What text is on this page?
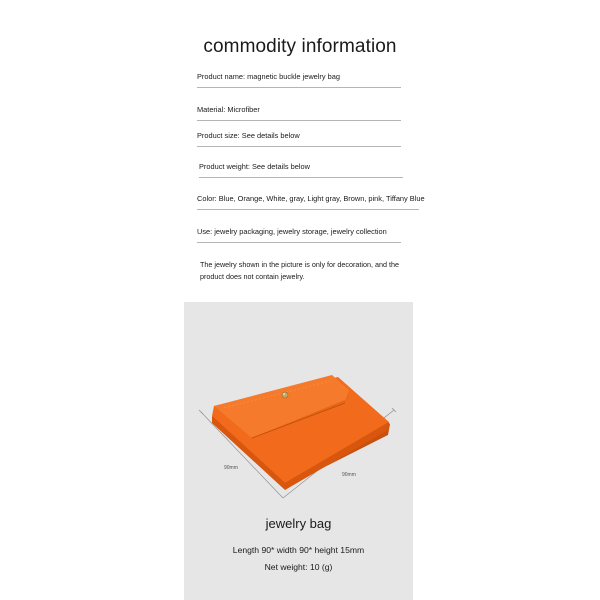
commodity information
Product name: magnetic buckle jewelry bag
Material: Microfiber
Product size: See details below
Product weight: See details below
Color: Blue, Orange, White, gray, Light gray, Brown, pink, Tiffany Blue
Use: jewelry packaging, jewelry storage, jewelry collection
The jewelry shown in the picture is only for decoration, and the
product does not contain jewelry.
90mm
90mm
jewelry bag
Length 90* width 90* height 15mm
Net weight: 10 (g)
